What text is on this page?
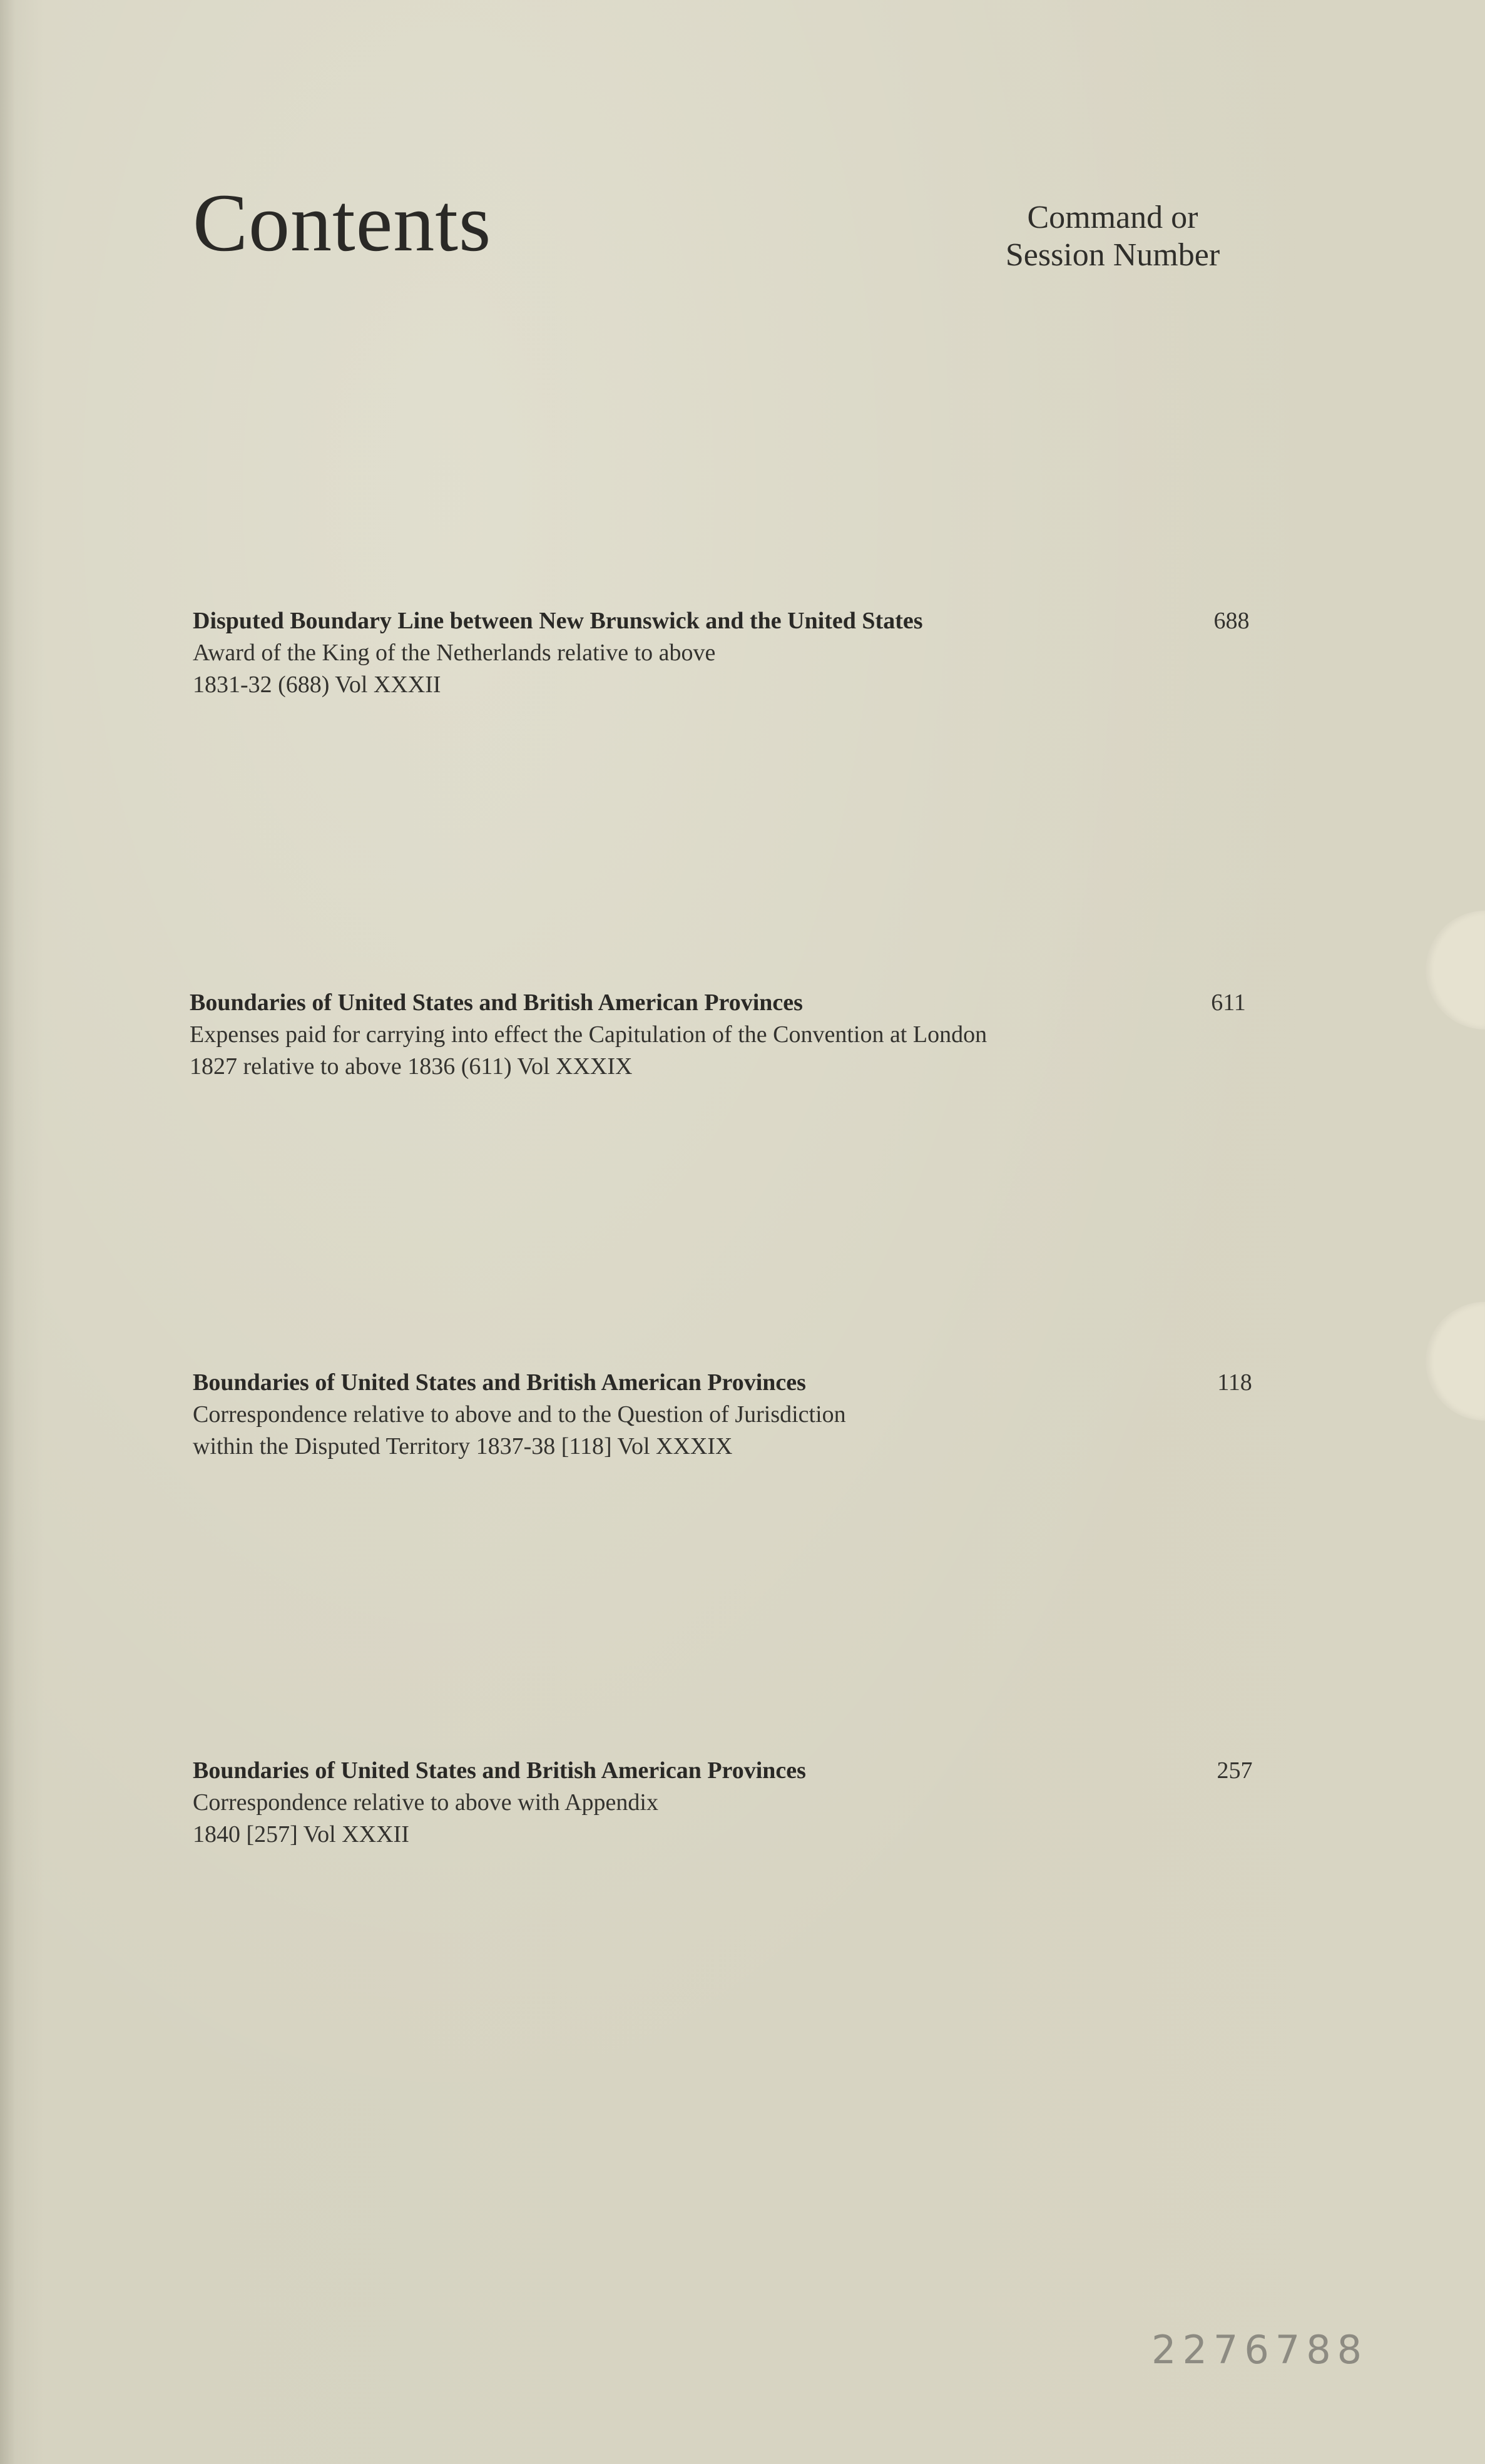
Contents	Command or
Session Number
Disputed Boundary Line between New Brunswick and the United States
Award of the King of the Netherlands relative to above
1831-32 (688) Vol XXXII
688
Boundaries of United States and British American Provinces
Expenses paid for carrying into effect the Capitulation of the Convention at London
1827 relative to above 1836 (611) Vol XXXIX
611
Boundaries of United States and British American Provinces
Correspondence relative to above and to the Question of Jurisdiction
within the Disputed Territory 1837-38 [118] Vol XXXIX
118
Boundaries of United States and British American Provinces
Correspondence relative to above with Appendix
1840 [257] Vol XXXII
257
2276788
